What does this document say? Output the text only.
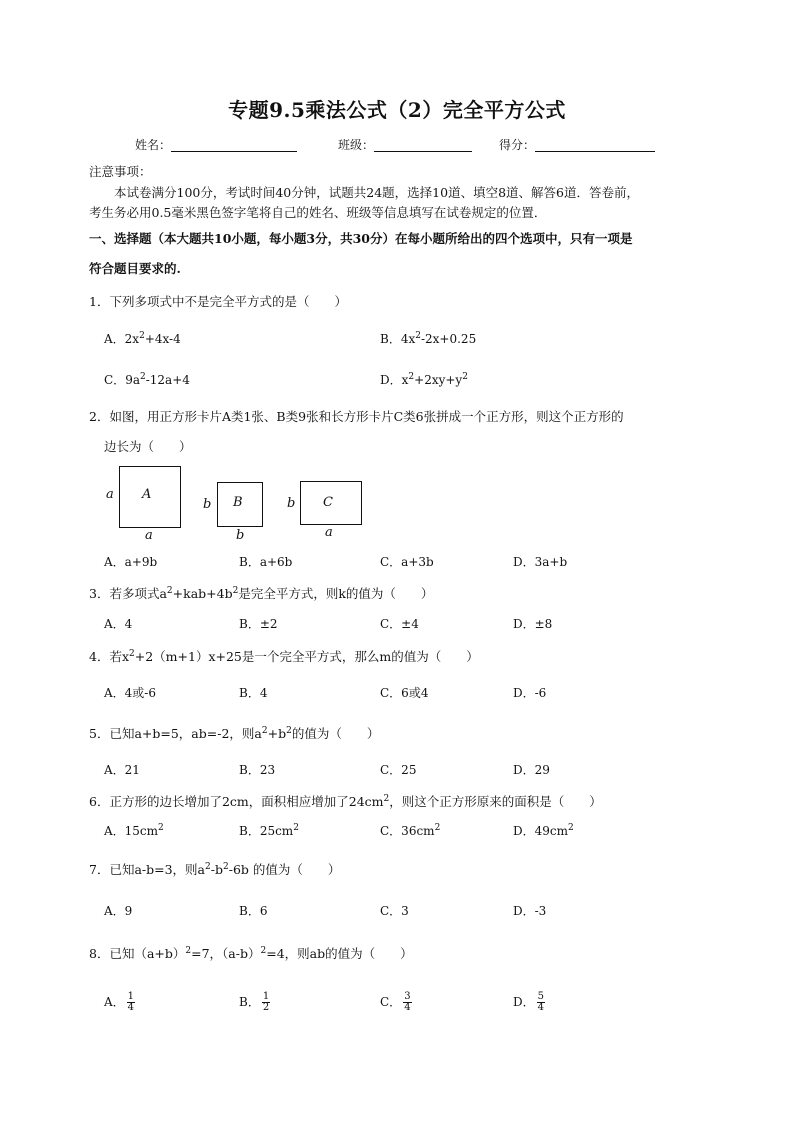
专题9.5乘法公式（2）完全平方公式
姓名：	班级：	得分：
注意事项：
本试卷满分100分，考试时间40分钟，试题共24题，选择10道、填空8道、解答6道．答卷前，
考生务必用0.5毫米黑色签字笔将自己的姓名、班级等信息填写在试卷规定的位置．
一、选择题（本大题共10小题，每小题3分，共30分）在每小题所给出的四个选项中，只有一项是
符合题目要求的.
1．下列多项式中不是完全平方式的是（　　）
A．$2x^2+4x-4$	B．$4x^2-2x+0.25$
C．$9a^2-12a+4$	D．$x^2+2xy+y^2$
2．如图，用正方形卡片A类1张、B类9张和长方形卡片C类6张拼成一个正方形，则这个正方形的
边长为（　　）
A
a
a
B
b
b
C
b
a
A．a+9b	B．a+6b	C．a+3b	D．3a+b
3．若多项式$a^2+kab+4b^2$是完全平方式，则k的值为（　　）
A．4	B．±2	C．±4	D．±8
4．若$x^2+2(m+1)x+25$是一个完全平方式，那么m的值为（　　）
A．4或-6	B．4	C．6或4	D．-6
5．已知a+b=5，ab=-2，则$a^2+b^2$的值为（　　）
A．21	B．23	C．25	D．29
6．正方形的边长增加了2cm，面积相应增加了$24cm^2$，则这个正方形原来的面积是（　　）
A．$15cm^2$	B．$25cm^2$	C．$36cm^2$	D．$49cm^2$
7．已知a-b=3，则$a^2-b^2-6b$ 的值为（　　）
A．9	B．6	C．3	D．-3
8．已知$(a+b)^2=7$，$(a-b)^2=4$，则ab的值为（　　）
A． $\frac{1}{4}$	B． $\frac{1}{2}$	C． $\frac{3}{4}$	D． $\frac{5}{4}$
